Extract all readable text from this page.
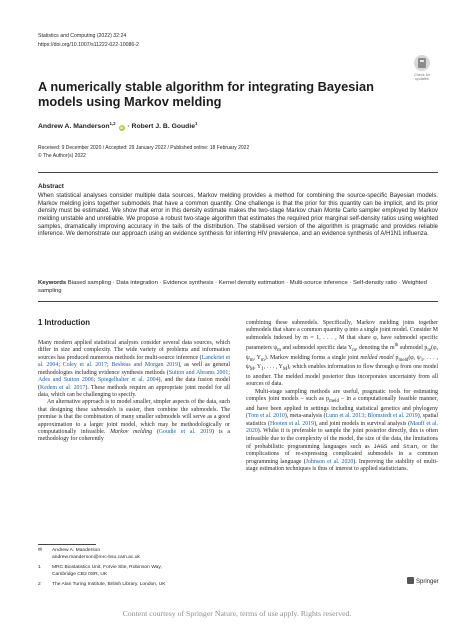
Statistics and Computing (2022) 32:24
https://doi.org/10.1007/s11222-022-10086-2
Check for
updates
A numerically stable algorithm for integrating Bayesian models using Markov melding
Andrew A. Manderson$^{1,2}$ iD · Robert J. B. Goudie$^1$
Received: 9 December 2020 / Accepted: 29 January 2022 / Published online: 18 February 2022
© The Author(s) 2022
Abstract
When statistical analyses consider multiple data sources, Markov melding provides a method for combining the source-specific Bayesian models. Markov melding joins together submodels that have a common quantity. One challenge is that the prior for this quantity can be implicit, and its prior density must be estimated. We show that error in this density estimate makes the two-stage Markov chain Monte Carlo sampler employed by Markov melding unstable and unreliable. We propose a robust two-stage algorithm that estimates the required prior marginal self-density ratios using weighted samples, dramatically improving accuracy in the tails of the distribution. The stabilised version of the algorithm is pragmatic and provides reliable inference. We demonstrate our approach using an evidence synthesis for inferring HIV prevalence, and an evidence synthesis of A/H1N1 influenza.
Keywords Biased sampling · Data integration · Evidence synthesis · Kernel density estimation · Multi-source inference · Self-density ratio · Weighted sampling
1 Introduction

Many modern applied statistical analyses consider several data sources, which differ in size and complexity. The wide variety of problems and information sources has produced numerous methods for multi-source inference (Lanckriet et al. 2004; Coley et al. 2017; Besbeas and Morgan 2019), as well as general methodologies including evidence synthesis methods (Sutton and Abrams 2001; Ades and Sutton 2006; Spiegelhalter et al. 2004), and the data fusion model (Kedem et al. 2017). These methods require an appropriate joint model for all data, which can be challenging to specify.

An alternative approach is to model smaller, simpler aspects of the data, such that designing these submodels is easier, then combine the submodels. The premise is that the combination of many smaller submodels will serve as a good approximation to a larger joint model, which may be methodologically or computationally infeasible. Markov melding (Goudie et al. 2019) is a methodology for coherently

combining these submodels. Specifically, Markov melding joins together submodels that share a common quantity φ into a single joint model. Consider M submodels indexed by m = 1, . . . , M that share φ, have submodel specific parameters $\psi_m$ and submodel specific data $Y_m$, denoting the $m^{th}$ submodel $p_m(\varphi$, $\psi_m$, $Y_m$). Markov melding forms a single joint melded model $p_{meld}(\varphi$, $\psi_1$, . . . , $\psi_M$, $Y_1$, . . . , $Y_M$), which enables information to flow through φ from one model to another. The melded model posterior thus incorporates uncertainty from all sources of data.

Multi-stage sampling methods are useful, pragmatic tools for estimating complex joint models – such as $p_{meld}$ – in a computationally feasible manner, and have been applied in settings including statistical genetics and phylogeny (Tom et al. 2010), meta-analysis (Lunn et al. 2013; Blomstedt et al. 2019), spatial statistics (Hooten et al. 2019), and joint models in survival analysis (Mauff et al. 2020). Whilst it is preferable to sample the joint posterior directly, this is often infeasible due to the complexity of the model, the size of the data, the limitations of probabilistic programming languages such as JAGS and Stan, or the complications of re-expressing complicated submodels in a common programming language (Johnson et al. 2020). Improving the stability of multi-stage estimation techniques is thus of interest to applied statisticians.

✉ Andrew A. Manderson
andrew.manderson@mrc-bsu.cam.ac.uk
1 MRC Biostatistics Unit, Forvie Site, Robinson Way,
Cambridge CB2 0SR, UK
2 The Alan Turing Institute, British Library, London, UK	Springer
Content courtesy of Springer Nature, terms of use apply. Rights reserved.
